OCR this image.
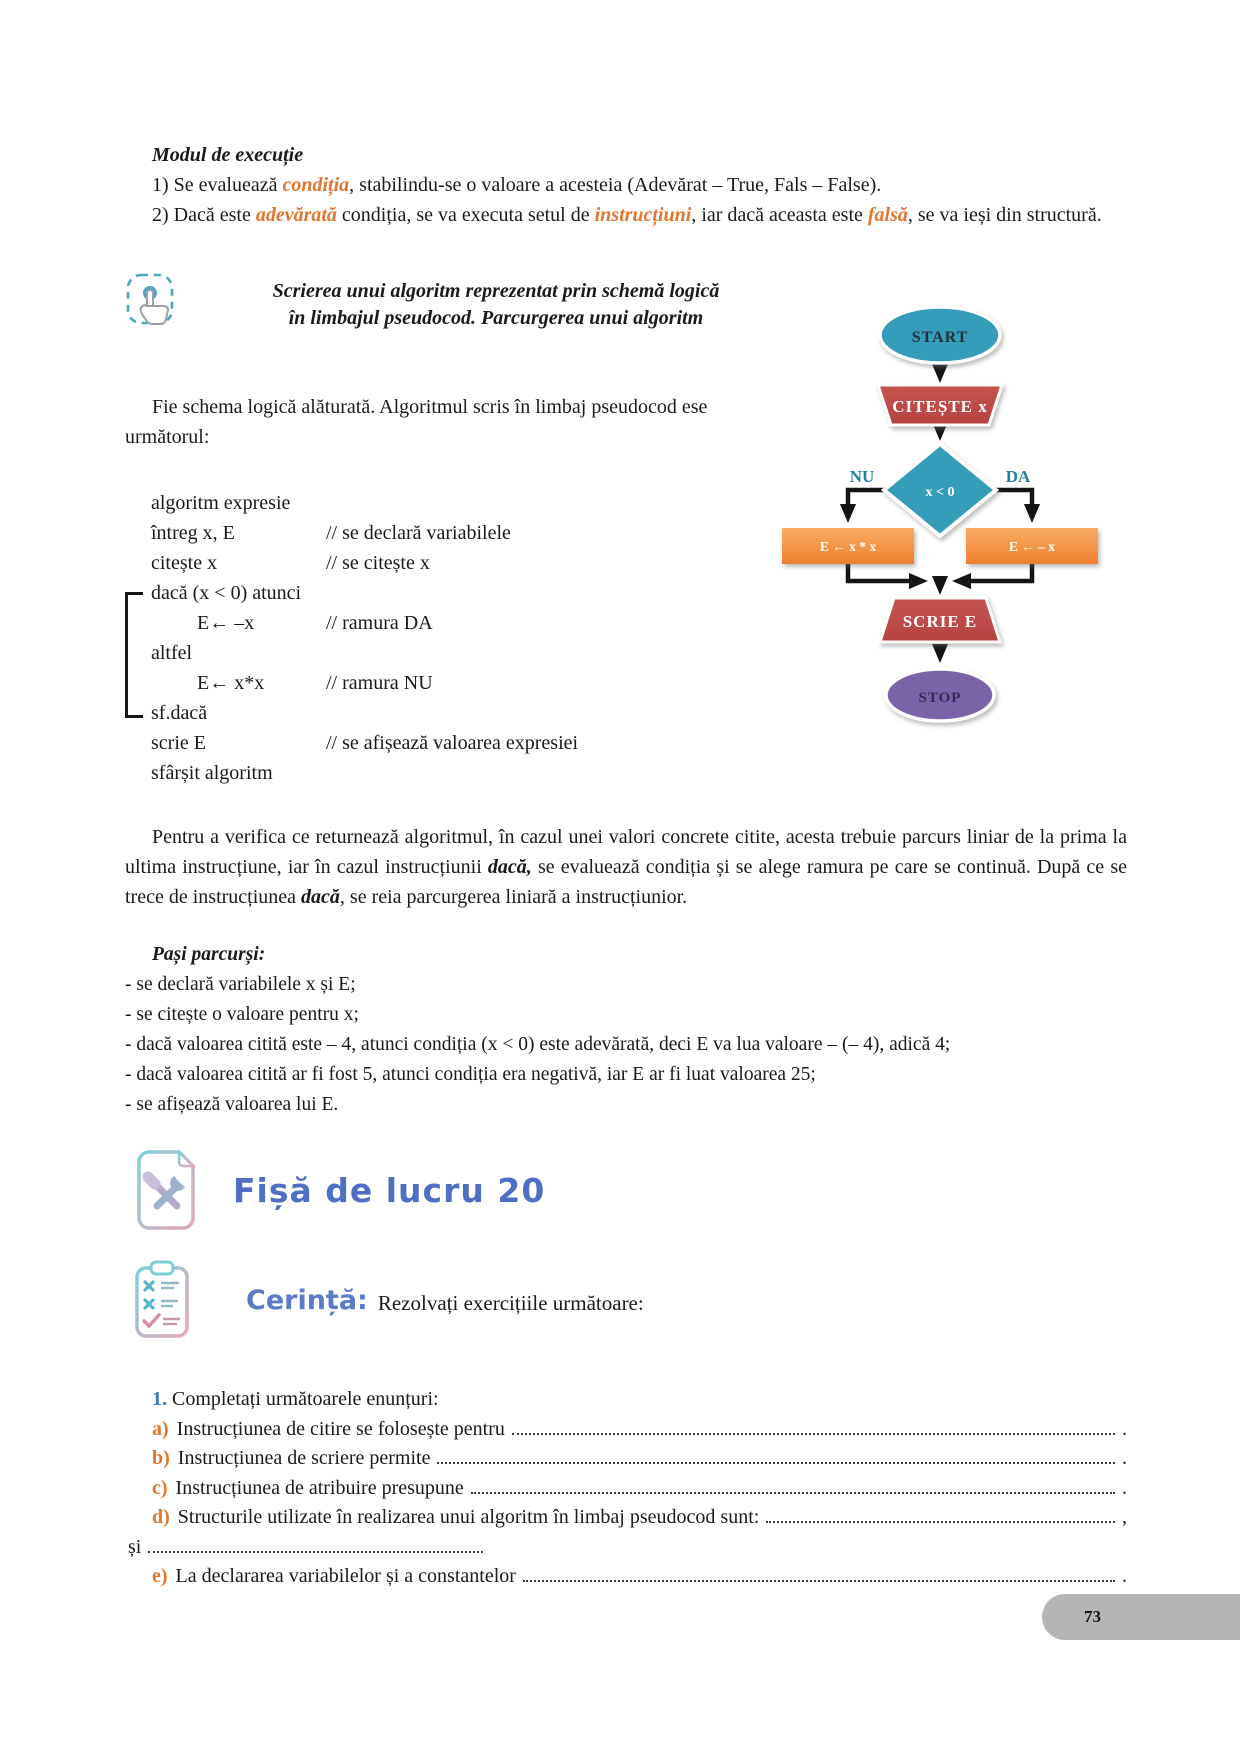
Modul de execuție

1) Se evaluează condiția, stabilindu-se o valoare a acesteia (Adevărat – True, Fals – False).

2) Dacă este adevărată condiția, se va executa setul de instrucțiuni, iar dacă aceasta este falsă, se va ieși din structură.

Scrierea unui algoritm reprezentat prin schemă logică
în limbajul pseudocod. Parcurgerea unui algoritm

Fie schema logică alăturată. Algoritmul scris în limbaj pseudocod ese următorul:

algoritm expresie
întreg x, E	// se declară variabilele
citește x	// se citește x
dacă (x < 0) atunci
E← –x	// ramura DA
altfel
E← x*x	// ramura NU
sf.dacă
scrie E	// se afișează valoarea expresiei
sfârșit algoritm
START
CITEȘTE x
x < 0
NU	DA
E ← x * x	E ← – x
SCRIE E
STOP

Pentru a verifica ce returnează algoritmul, în cazul unei valori concrete citite, acesta trebuie parcurs liniar de la prima la ultima instrucțiune, iar în cazul instrucțiunii dacă, se evaluează condiția și se alege ramura pe care se continuă. După ce se trece de instrucțiunea dacă, se reia parcurgerea liniară a instrucțiunior.

Pași parcurși:
- se declară variabilele x și E;
- se citește o valoare pentru x;
- dacă valoarea citită este – 4, atunci condiția (x < 0) este adevărată, deci E va lua valoare – (– 4), adică 4;
- dacă valoarea citită ar fi fost 5, atunci condiția era negativă, iar E ar fi luat valoarea 25;
- se afișează valoarea lui E.
Fișă de lucru 20
Cerință: Rezolvați exercițiile următoare:
1. Completați următoarele enunțuri:
a) Instrucțiunea de citire se folosește pentru	.
b) Instrucțiunea de scriere permite	.
c) Instrucțiunea de atribuire presupune	.
d) Structurile utilizate în realizarea unui algoritm în limbaj pseudocod sunt:	,
și
e) La declararea variabilelor și a constantelor	.
73
